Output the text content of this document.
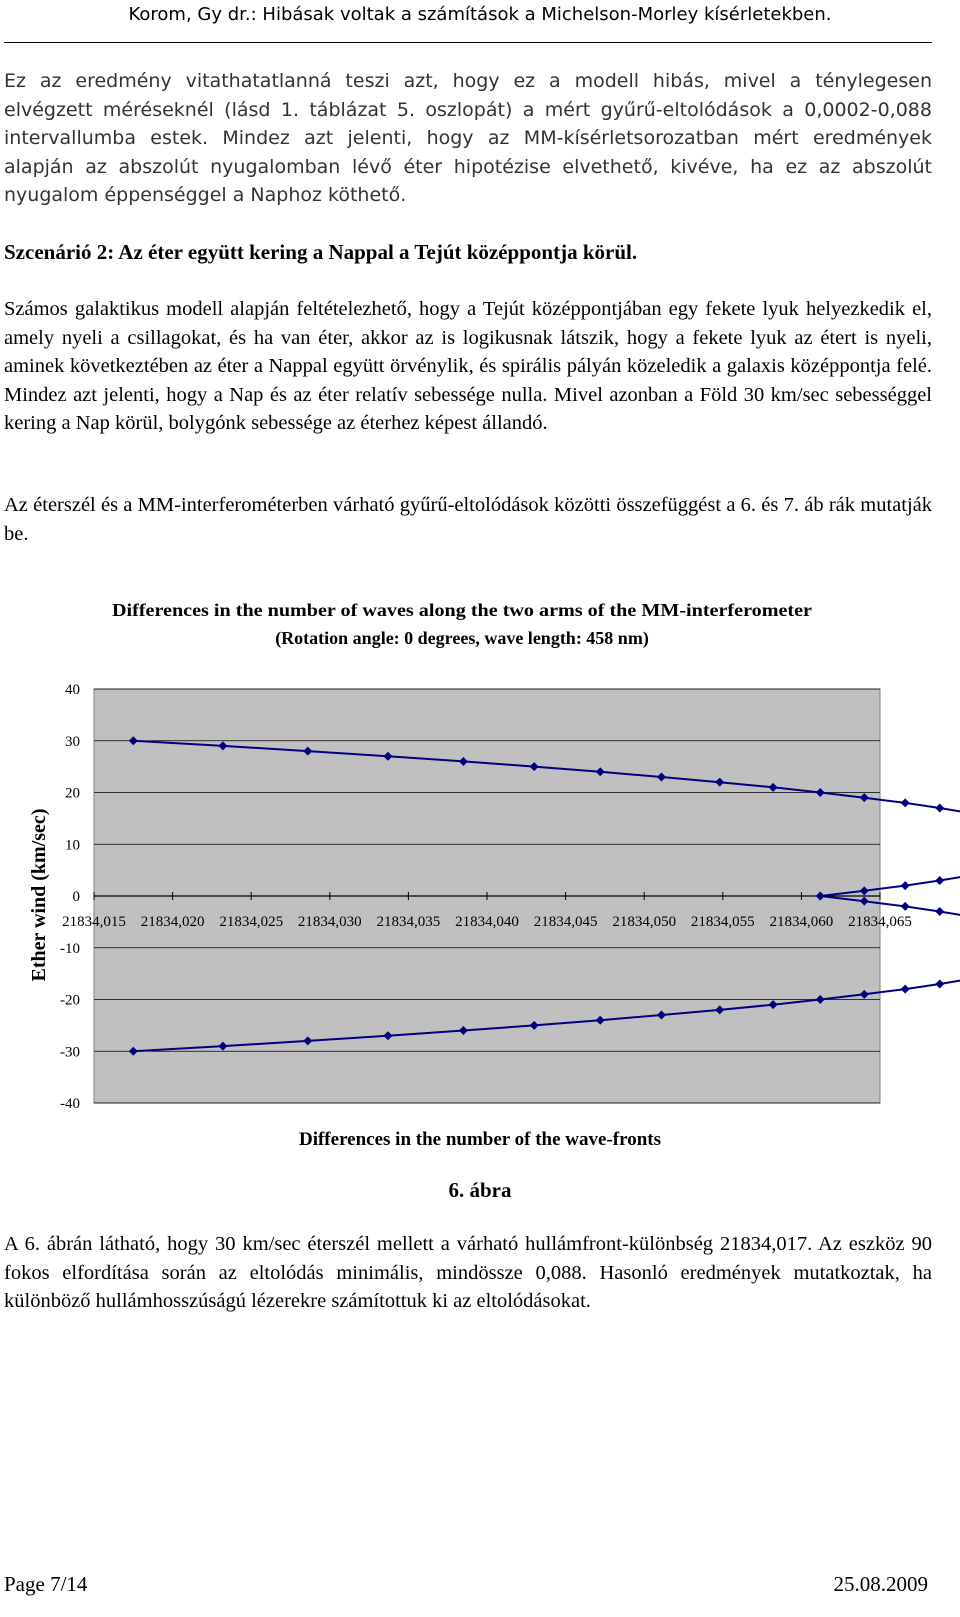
Korom, Gy dr.: Hibásak voltak a számítások a Michelson-Morley kísérletekben.
Ez az eredmény vitathatatlanná teszi azt, hogy ez a modell hibás, mivel a ténylegesen
elvégzett méréseknél (lásd 1. táblázat 5. oszlopát) a mért gyűrű-eltolódások a 0,0002-0,088
intervallumba estek. Mindez azt jelenti, hogy az MM-kísérletsorozatban mért eredmények
alapján az abszolút nyugalomban lévő éter hipotézise elvethető, kivéve, ha ez az abszolút
nyugalom éppenséggel a Naphoz köthető.
Szcenárió 2: Az éter együtt kering a Nappal a Tejút középpontja körül.
Számos galaktikus modell alapján feltételezhető, hogy a Tejút középpontjában egy fekete lyuk helyezkedik el, amely nyeli a csillagokat, és ha van éter, akkor az is logikusnak látszik, hogy a fekete lyuk az étert is nyeli, aminek következtében az éter a Nappal együtt örvénylik, és spirális pályán közeledik a galaxis középpontja felé. Mindez azt jelenti, hogy a Nap és az éter relatív sebessége nulla. Mivel azonban a Föld 30 km/sec sebességgel kering a Nap körül, bolygónk sebessége az éterhez képest állandó.
Az éterszél és a MM-interferométerben várható gyűrű-eltolódások közötti összefüggést a 6. és 7. áb rák mutatják be.
Differences in the number of waves along the two arms of the MM-interferometer
(Rotation angle: 0 degrees, wave length: 458 nm)
40
30
20
10
0
-10
-20
-30
-40
21834,015 21834,020 21834,025 21834,030 21834,035 21834,040 21834,045 21834,050 21834,055 21834,060 21834,065
Ether wind (km/sec)
Differences in the number of the wave-fronts
6. ábra
A 6. ábrán látható, hogy 30 km/sec éterszél mellett a várható hullámfront-különbség 21834,017. Az eszköz 90 fokos elfordítása során az eltolódás minimális, mindössze 0,088. Hasonló eredmények mutatkoztak, ha különböző hullámhosszúságú lézerekre számítottuk ki az eltolódásokat.
Page 7/14	25.08.2009
